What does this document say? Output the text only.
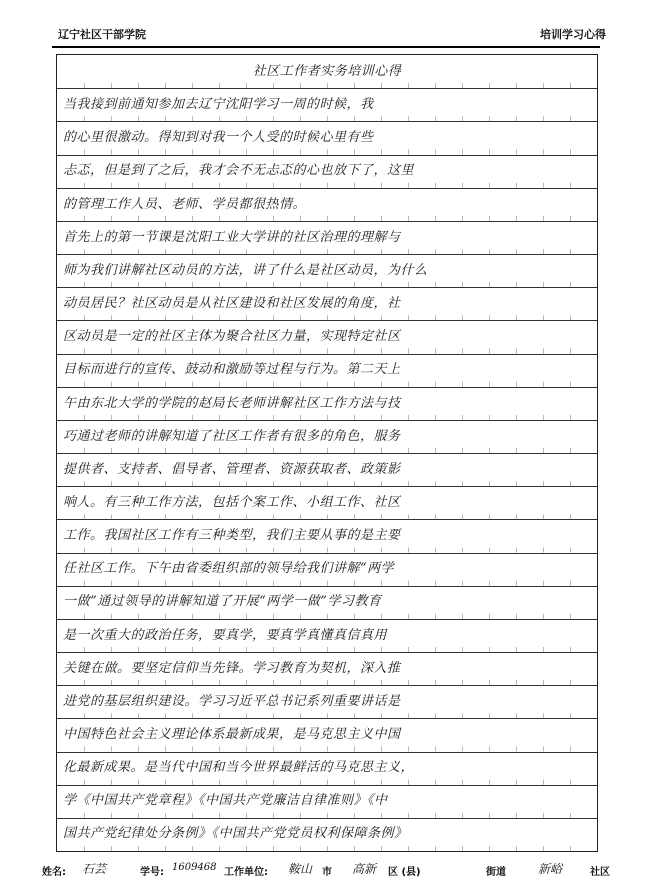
辽宁社区干部学院	培训学习心得
社区工作者实务培训心得
当我接到前通知参加去辽宁沈阳学习一周的时候，我
的心里很激动。得知到对我一个人受的时候心里有些
忐忑，但是到了之后，我才会不无忐忑的心也放下了，这里
的管理工作人员、老师、学员都很热情。
首先上的第一节课是沈阳工业大学讲的社区治理的理解与
师为我们讲解社区动员的方法，讲了什么是社区动员，为什么
动员居民？社区动员是从社区建设和社区发展的角度，社
区动员是一定的社区主体为聚合社区力量，实现特定社区
目标而进行的宣传、鼓动和激励等过程与行为。第二天上
午由东北大学的学院的赵局长老师讲解社区工作方法与技
巧通过老师的讲解知道了社区工作者有很多的角色，服务
提供者、支持者、倡导者、管理者、资源获取者、政策影
响人。有三种工作方法，包括个案工作、小组工作、社区
工作。我国社区工作有三种类型，我们主要从事的是主要
任社区工作。下午由省委组织部的领导给我们讲解“两学
一做”通过领导的讲解知道了开展“两学一做”学习教育
是一次重大的政治任务，要真学，要真学真懂真信真用
关键在做。要坚定信仰当先锋。学习教育为契机，深入推
进党的基层组织建设。学习习近平总书记系列重要讲话是
中国特色社会主义理论体系最新成果，是马克思主义中国
化最新成果。是当代中国和当今世界最鲜活的马克思主义，
学《中国共产党章程》《中国共产党廉洁自律准则》《中
国共产党纪律处分条例》《中国共产党党员权利保障条例》
姓名: 石芸	学号: 1609468 工作单位: 鞍山 市 高新 区 (县)	街道	新峪	社区
